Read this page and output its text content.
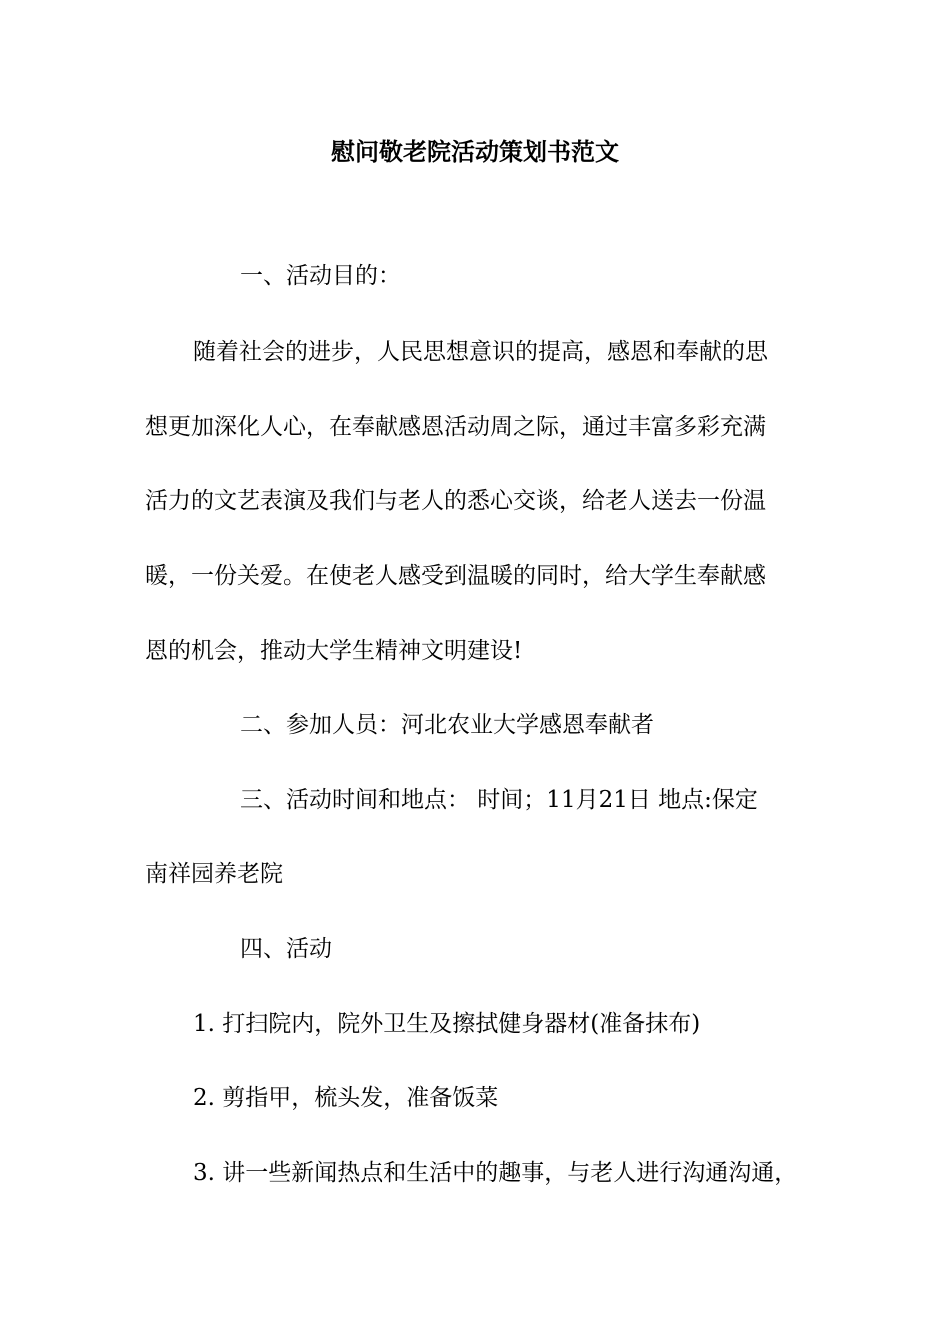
慰问敬老院活动策划书范文
一、活动目的：
随着社会的进步，人民思想意识的提高，感恩和奉献的思
想更加深化人心，在奉献感恩活动周之际，通过丰富多彩充满
活力的文艺表演及我们与老人的悉心交谈，给老人送去一份温
暖，一份关爱。在使老人感受到温暖的同时，给大学生奉献感
恩的机会，推动大学生精神文明建设!
二、参加人员：河北农业大学感恩奉献者
三、活动时间和地点： 时间；11月21日 地点:保定
南祥园养老院
四、活动
1. 打扫院内，院外卫生及擦拭健身器材(准备抹布)
2. 剪指甲，梳头发，准备饭菜
3. 讲一些新闻热点和生活中的趣事，与老人进行沟通沟通，
